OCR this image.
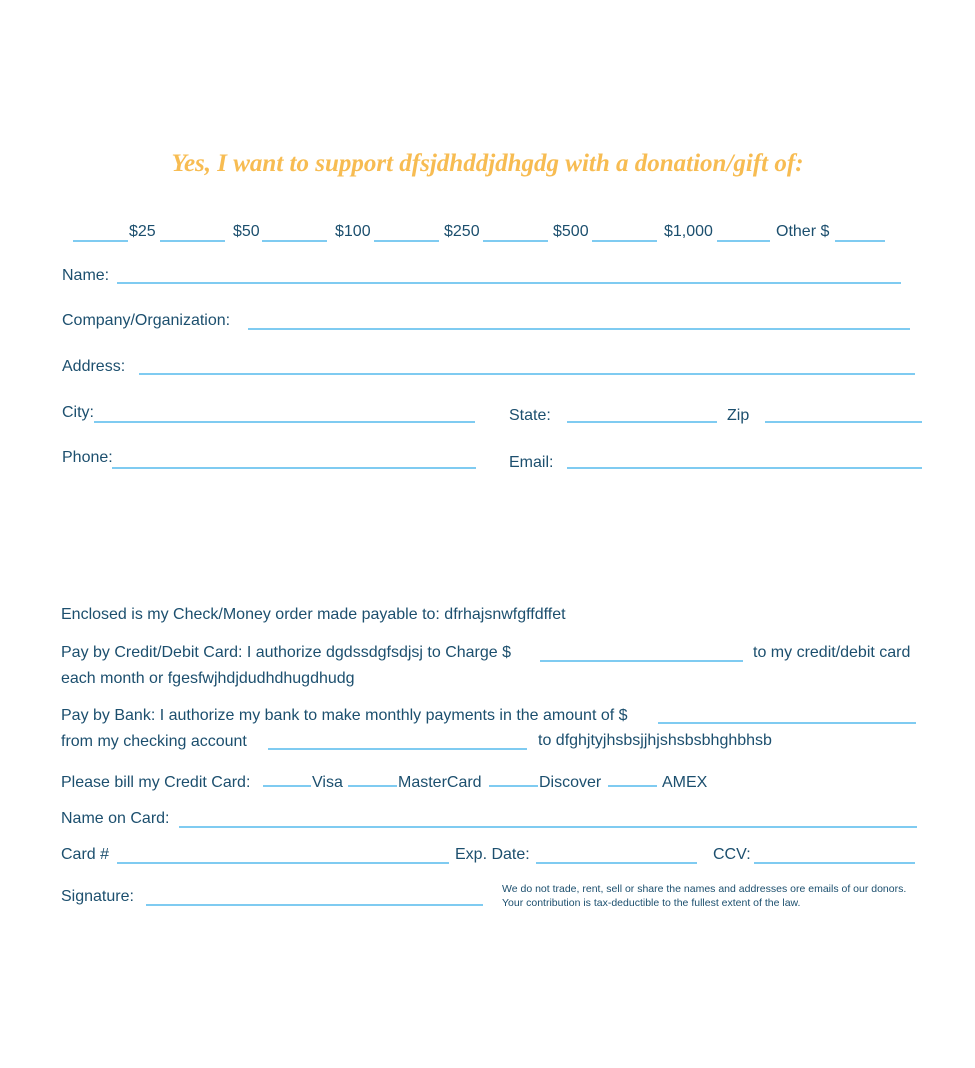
Yes, I want to support dfsjdhddjdhgdg with a donation/gift of:
$25	$50	$100	$250	$500	$1,000	Other $
Name:
Company/Organization:
Address:
City:	State:	Zip
Phone:	Email:
Enclosed is my Check/Money order made payable to: dfrhajsnwfgffdffet
Pay by Credit/Debit Card: I authorize dgdssdgfsdjsj to Charge $	to my credit/debit card
each month or fgesfwjhdjdudhdhugdhudg
Pay by Bank: I authorize my bank to make monthly payments in the amount of $
from my checking account	to dfghjtyjhsbsjjhjshsbsbhghbhsb
Please bill my Credit Card:	Visa	MasterCard	Discover	AMEX
Name on Card:
Card #	Exp. Date:	CCV:
Signature:	We do not trade, rent, sell or share the names and addresses ore emails of our donors.
Your contribution is tax-deductible to the fullest extent of the law.
